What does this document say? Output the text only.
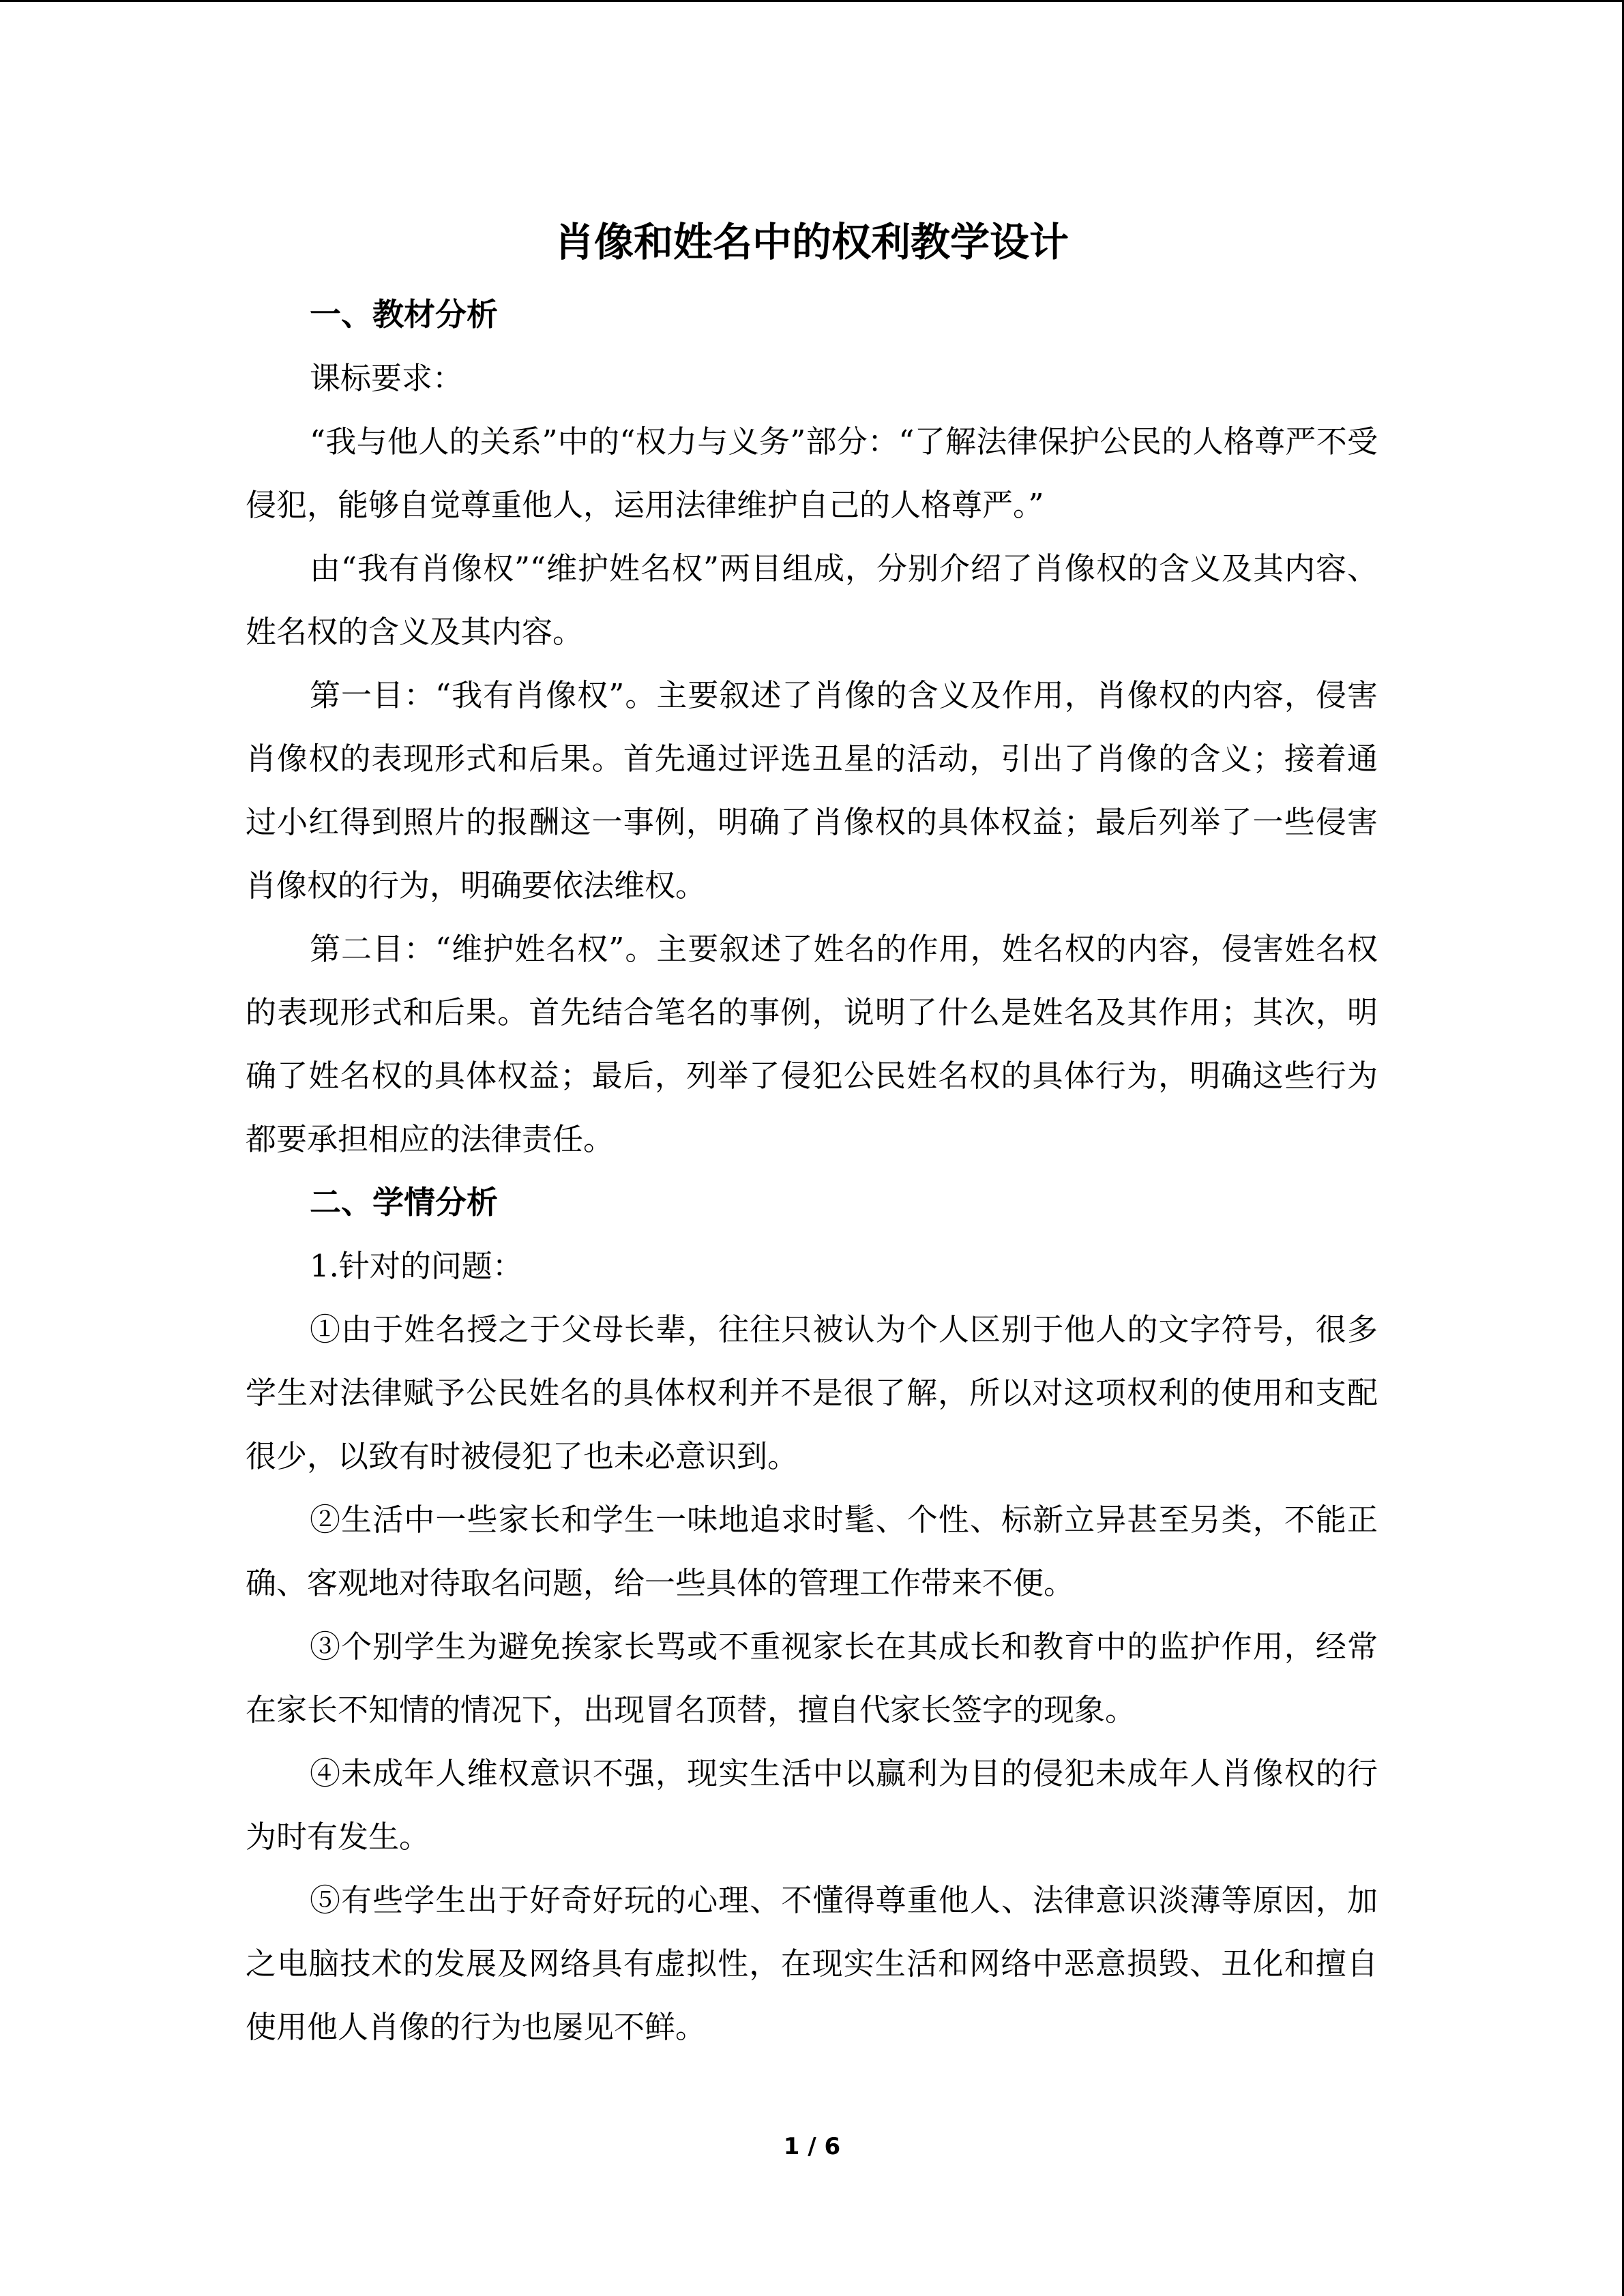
肖像和姓名中的权利教学设计

一、教材分析

课标要求：

“我与他人的关系”中的“权力与义务”部分：“了解法律保护公民的人格尊严不受侵犯，能够自觉尊重他人，运用法律维护自己的人格尊严。”

由“我有肖像权”“维护姓名权”两目组成，分别介绍了肖像权的含义及其内容、姓名权的含义及其内容。

第一目：“我有肖像权”。主要叙述了肖像的含义及作用，肖像权的内容，侵害肖像权的表现形式和后果。首先通过评选丑星的活动，引出了肖像的含义；接着通过小红得到照片的报酬这一事例，明确了肖像权的具体权益；最后列举了一些侵害肖像权的行为，明确要依法维权。

第二目：“维护姓名权”。主要叙述了姓名的作用，姓名权的内容，侵害姓名权的表现形式和后果。首先结合笔名的事例，说明了什么是姓名及其作用；其次，明确了姓名权的具体权益；最后，列举了侵犯公民姓名权的具体行为，明确这些行为都要承担相应的法律责任。

二、学情分析

1.针对的问题：

①由于姓名授之于父母长辈，往往只被认为个人区别于他人的文字符号，很多学生对法律赋予公民姓名的具体权利并不是很了解，所以对这项权利的使用和支配很少，以致有时被侵犯了也未必意识到。

②生活中一些家长和学生一味地追求时髦、个性、标新立异甚至另类，不能正确、客观地对待取名问题，给一些具体的管理工作带来不便。

③个别学生为避免挨家长骂或不重视家长在其成长和教育中的监护作用，经常在家长不知情的情况下，出现冒名顶替，擅自代家长签字的现象。

④未成年人维权意识不强，现实生活中以赢利为目的侵犯未成年人肖像权的行为时有发生。

⑤有些学生出于好奇好玩的心理、不懂得尊重他人、法律意识淡薄等原因，加之电脑技术的发展及网络具有虚拟性，在现实生活和网络中恶意损毁、丑化和擅自使用他人肖像的行为也屡见不鲜。

1 / 6
